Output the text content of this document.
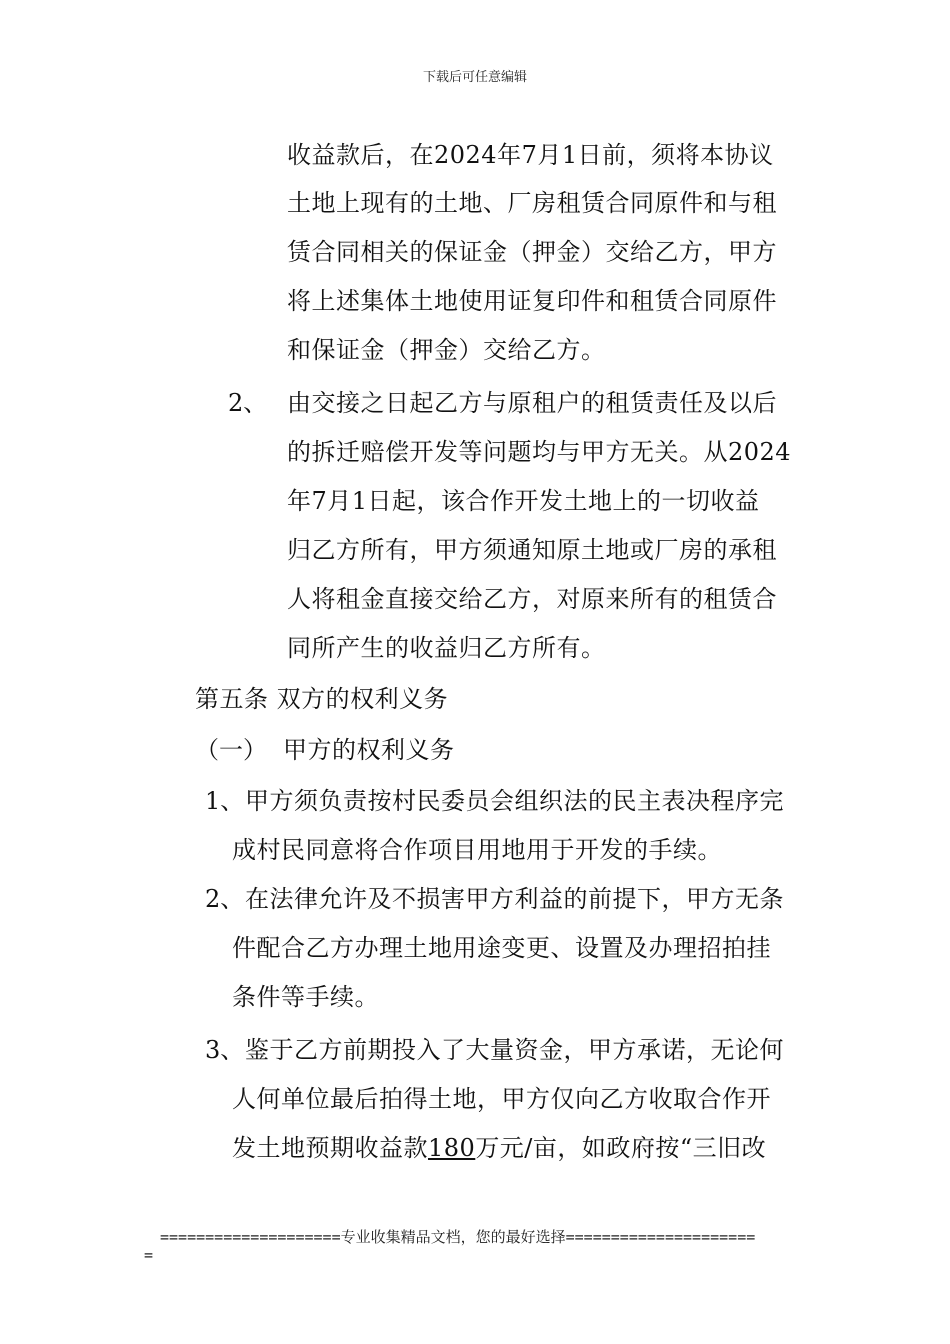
下载后可任意编辑
收益款后，在2024年7月1日前，须将本协议
土地上现有的土地、厂房租赁合同原件和与租
赁合同相关的保证金（押金）交给乙方，甲方
将上述集体土地使用证复印件和租赁合同原件
和保证金（押金）交给乙方。
2、 由交接之日起乙方与原租户的租赁责任及以后
的拆迁赔偿开发等问题均与甲方无关。从2024
年7月1日起，该合作开发土地上的一切收益
归乙方所有，甲方须通知原土地或厂房的承租
人将租金直接交给乙方，对原来所有的租赁合
同所产生的收益归乙方所有。
第五条 双方的权利义务
（一） 甲方的权利义务
1、 甲方须负责按村民委员会组织法的民主表决程序完
成村民同意将合作项目用地用于开发的手续。
2、 在法律允许及不损害甲方利益的前提下，甲方无条
件配合乙方办理土地用途变更、设置及办理招拍挂
条件等手续。
3、 鉴于乙方前期投入了大量资金，甲方承诺，无论何
人何单位最后拍得土地，甲方仅向乙方收取合作开
发土地预期收益款180万元/亩，如政府按“三旧改
====================专业收集精品文档，您的最好选择=====================
=
